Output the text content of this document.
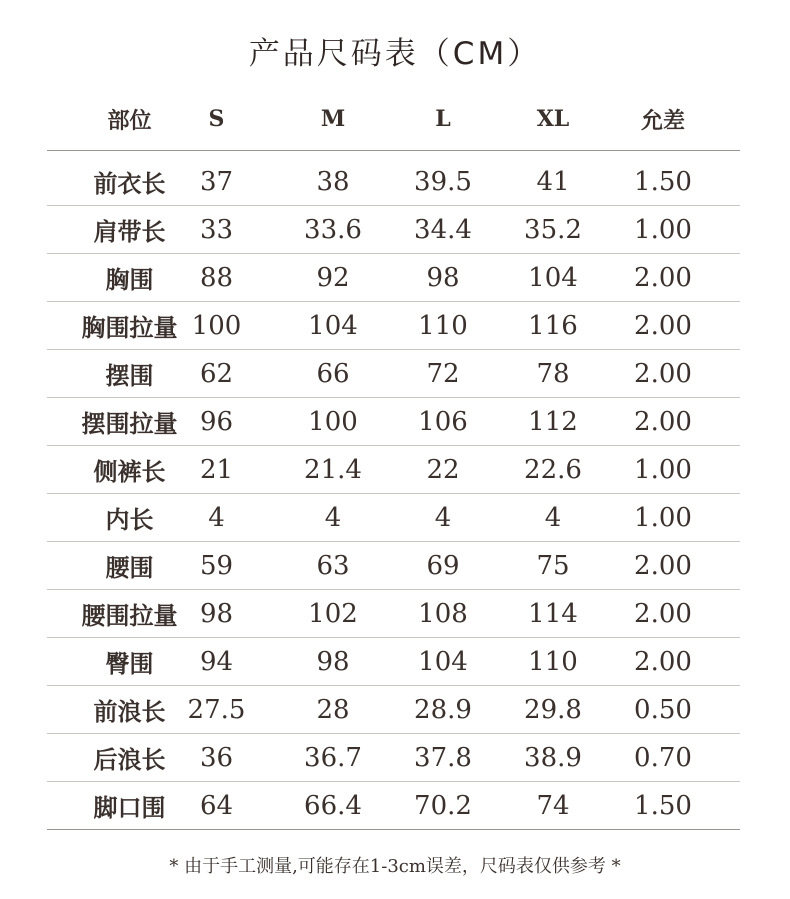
产品尺码表（CM）
部位	S	M	L	XL	允差
前衣长	37	38	39.5	41	1.50
肩带长	33	33.6	34.4	35.2	1.00
胸围	88	92	98	104	2.00
胸围拉量 100	104	110	116	2.00
摆围	62	66	72	78	2.00
摆围拉量 96	100	106	112	2.00
侧裤长	21	21.4	22	22.6	1.00
内长	4	4	4	4	1.00
腰围	59	63	69	75	2.00
腰围拉量 98	102	108	114	2.00
臀围	94	98	104	110	2.00
前浪长 27.5	28	28.9	29.8	0.50
后浪长	36	36.7	37.8	38.9	0.70
脚口围	64	66.4	70.2	74	1.50
* 由于手工测量,可能存在1-3cm误差，尺码表仅供参考 *
